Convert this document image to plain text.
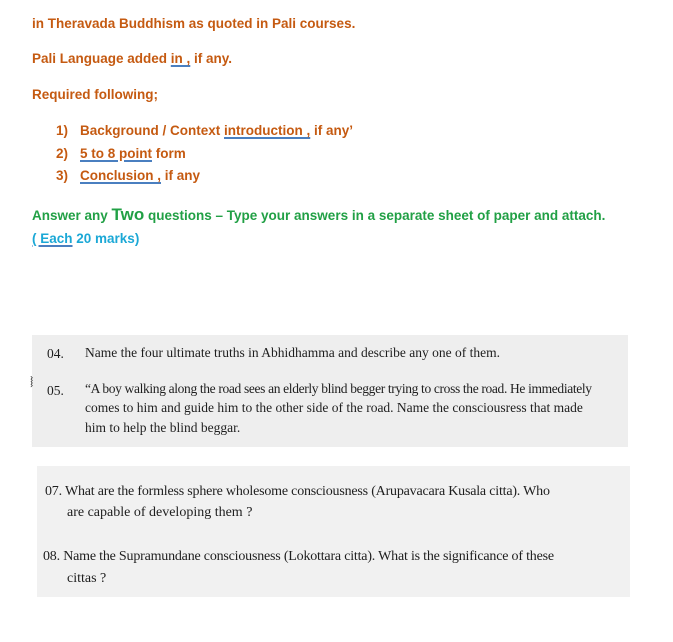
in Theravada Buddhism as quoted in Pali courses.
Pali Language added in , if any.
Required following;
1) Background / Context introduction , if any’
2) 5 to 8 point form
3) Conclusion , if any
Answer any Two questions – Type your answers in a separate sheet of paper and attach.
( Each 20 marks)
04. Name the four ultimate truths in Abhidhamma and describe any one of them.
05. “A boy walking along the road sees an elderly blind begger trying to cross the road. He immediately
comes to him and guide him to the other side of the road. Name the consciousress that made
him to help the blind beggar.
⧘
07. What are the formless sphere wholesome consciousness (Arupavacara Kusala citta). Who
are capable of developing them ?
08. Name the Supramundane consciousness (Lokottara citta). What is the significance of these
cittas ?
